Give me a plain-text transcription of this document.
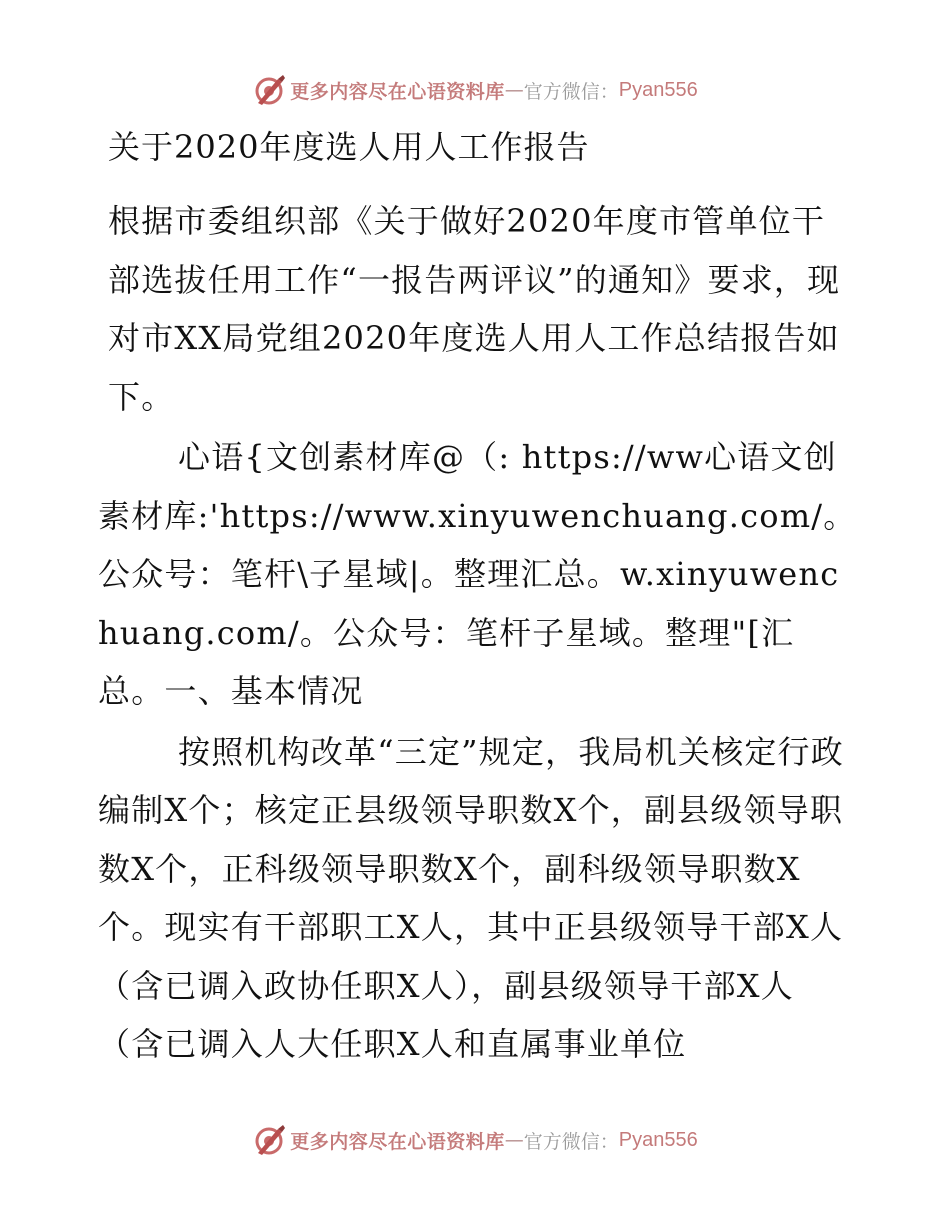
更多内容尽在心语资料库 — 官方微信： Pyan556
关于2020年度选人用人工作报告

根据市委组织部《关于做好2020年度市管单位干部选拔任用工作“一报告两评议”的通知》要求，现对市XX局党组2020年度选人用人工作总结报告如下。

心语{文创素材库@（: https://ww心语文创素材库:'https://www.xinyuwenchuang.com/。公众号：笔杆\子星域|。整理汇总。w.xinyuwenchuang.com/。公众号：笔杆子星域。整理"[汇总。一、基本情况

按照机构改革“三定”规定，我局机关核定行政编制X个；核定正县级领导职数X个，副县级领导职数X个，正科级领导职数X个，副科级领导职数X个。现实有干部职工X人，其中正县级领导干部X人（含已调入政协任职X人），副县级领导干部X人（含已调入人大任职X人和直属事业单位

更多内容尽在心语资料库 — 官方微信： Pyan556
